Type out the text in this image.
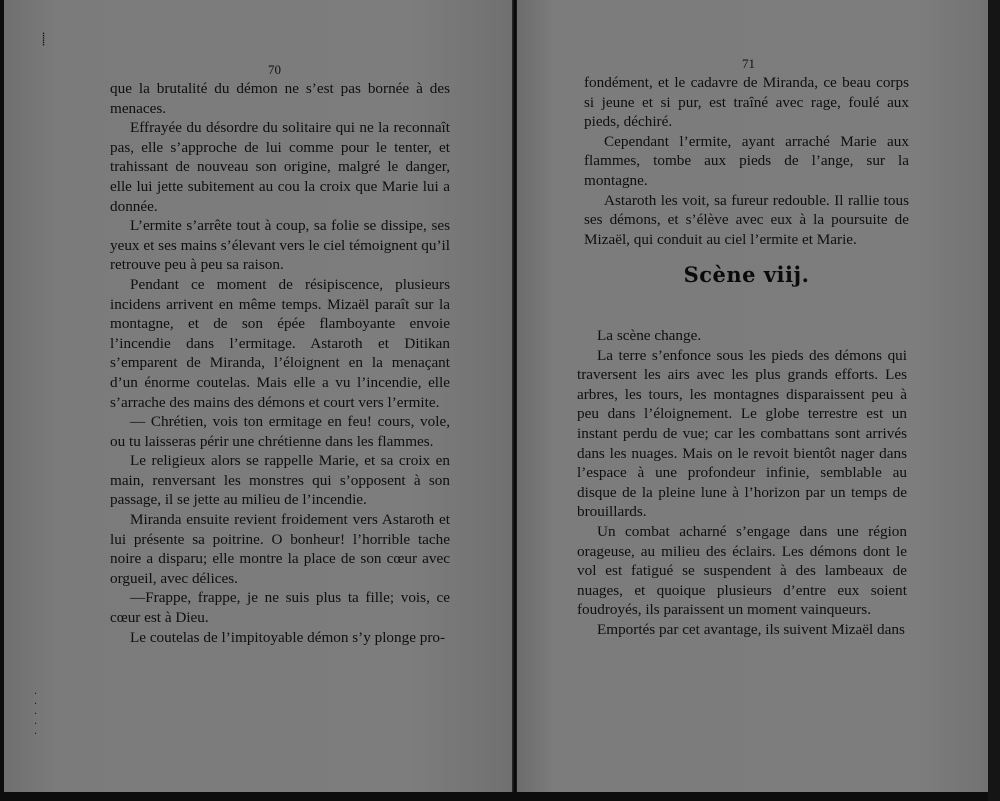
⸽
·
·
·
·
·
70	71

que la brutalité du démon ne s’est pas bornée à des menaces.

Effrayée du désordre du solitaire qui ne la reconnaît pas, elle s’approche de lui comme pour le tenter, et trahissant de nouveau son origine, malgré le danger, elle lui jette subitement au cou la croix que Marie lui a donnée.

L’ermite s’arrête tout à coup, sa folie se dissipe, ses yeux et ses mains s’élevant vers le ciel témoignent qu’il retrouve peu à peu sa raison.

Pendant ce moment de résipiscence, plusieurs incidens arrivent en même temps. Mizaël paraît sur la montagne, et de son épée flamboyante envoie l’incendie dans l’ermitage. Astaroth et Ditikan s’emparent de Miranda, l’éloignent en la menaçant d’un énorme coutelas. Mais elle a vu l’incendie, elle s’arrache des mains des démons et court vers l’ermite.

— Chrétien, vois ton ermitage en feu! cours, vole, ou tu laisseras périr une chrétienne dans les flammes.

Le religieux alors se rappelle Marie, et sa croix en main, renversant les monstres qui s’opposent à son passage, il se jette au milieu de l’incendie.

Miranda ensuite revient froidement vers Astaroth et lui présente sa poitrine. O bonheur! l’horrible tache noire a disparu; elle montre la place de son cœur avec orgueil, avec délices.

—Frappe, frappe, je ne suis plus ta fille; vois, ce cœur est à Dieu.

Le coutelas de l’impitoyable démon s’y plonge pro-

fondément, et le cadavre de Miranda, ce beau corps si jeune et si pur, est traîné avec rage, foulé aux pieds, déchiré.

Cependant l’ermite, ayant arraché Marie aux flammes, tombe aux pieds de l’ange, sur la montagne.

Astaroth les voit, sa fureur redouble. Il rallie tous ses démons, et s’élève avec eux à la poursuite de Mizaël, qui conduit au ciel l’ermite et Marie.

Scène viij.

La scène change.

La terre s’enfonce sous les pieds des démons qui traversent les airs avec les plus grands efforts. Les arbres, les tours, les montagnes disparaissent peu à peu dans l’éloignement. Le globe terrestre est un instant perdu de vue; car les combattans sont arrivés dans les nuages. Mais on le revoit bientôt nager dans l’espace à une profondeur infinie, semblable au disque de la pleine lune à l’horizon par un temps de brouillards.

Un combat acharné s’engage dans une région orageuse, au milieu des éclairs. Les démons dont le vol est fatigué se suspendent à des lambeaux de nuages, et quoique plusieurs d’entre eux soient foudroyés, ils paraissent un moment vainqueurs.

Emportés par cet avantage, ils suivent Mizaël dans
